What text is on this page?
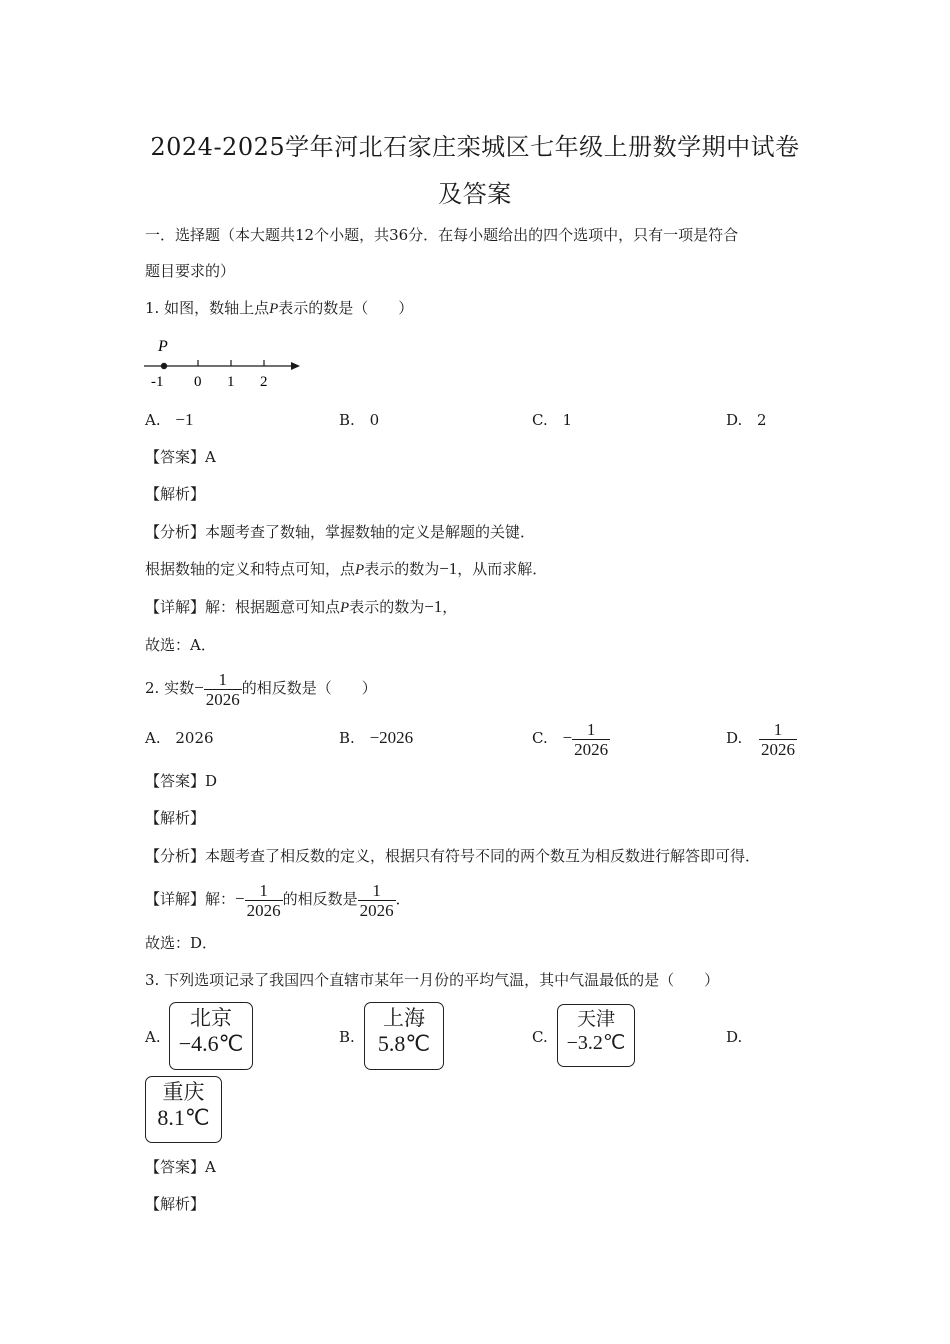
2024-2025学年河北石家庄栾城区七年级上册数学期中试卷
及答案
一．选择题（本大题共12个小题，共36分．在每小题给出的四个选项中，只有一项是符合
题目要求的）
1. 如图，数轴上点P表示的数是（　　）
P
-1 0 1 2
A. −1	B. 0	C. 1	D. 2
【答案】A
【解析】
【分析】本题考查了数轴，掌握数轴的定义是解题的关键．
根据数轴的定义和特点可知，点P表示的数为−1，从而求解．
【详解】解：根据题意可知点P表示的数为−1，
故选：A．
2. 实数− $\frac{1}{2026}$ 的相反数是（　　）
A. 2026	B. −2026	C. − $\frac{1}{2026}$	D. $\frac{1}{2026}$
【答案】D
【解析】
【分析】本题考查了相反数的定义，根据只有符号不同的两个数互为相反数进行解答即可得．
【详解】解：− $\frac{1}{2026}$ 的相反数是 $\frac{1}{2026}$ ．
故选：D．
3. 下列选项记录了我国四个直辖市某年一月份的平均气温，其中气温最低的是（　　）
A.
北京
−4.6℃	B.
上海
5.8℃	C.
天津
−3.2℃	D.
重庆
8.1℃
【答案】A
【解析】
